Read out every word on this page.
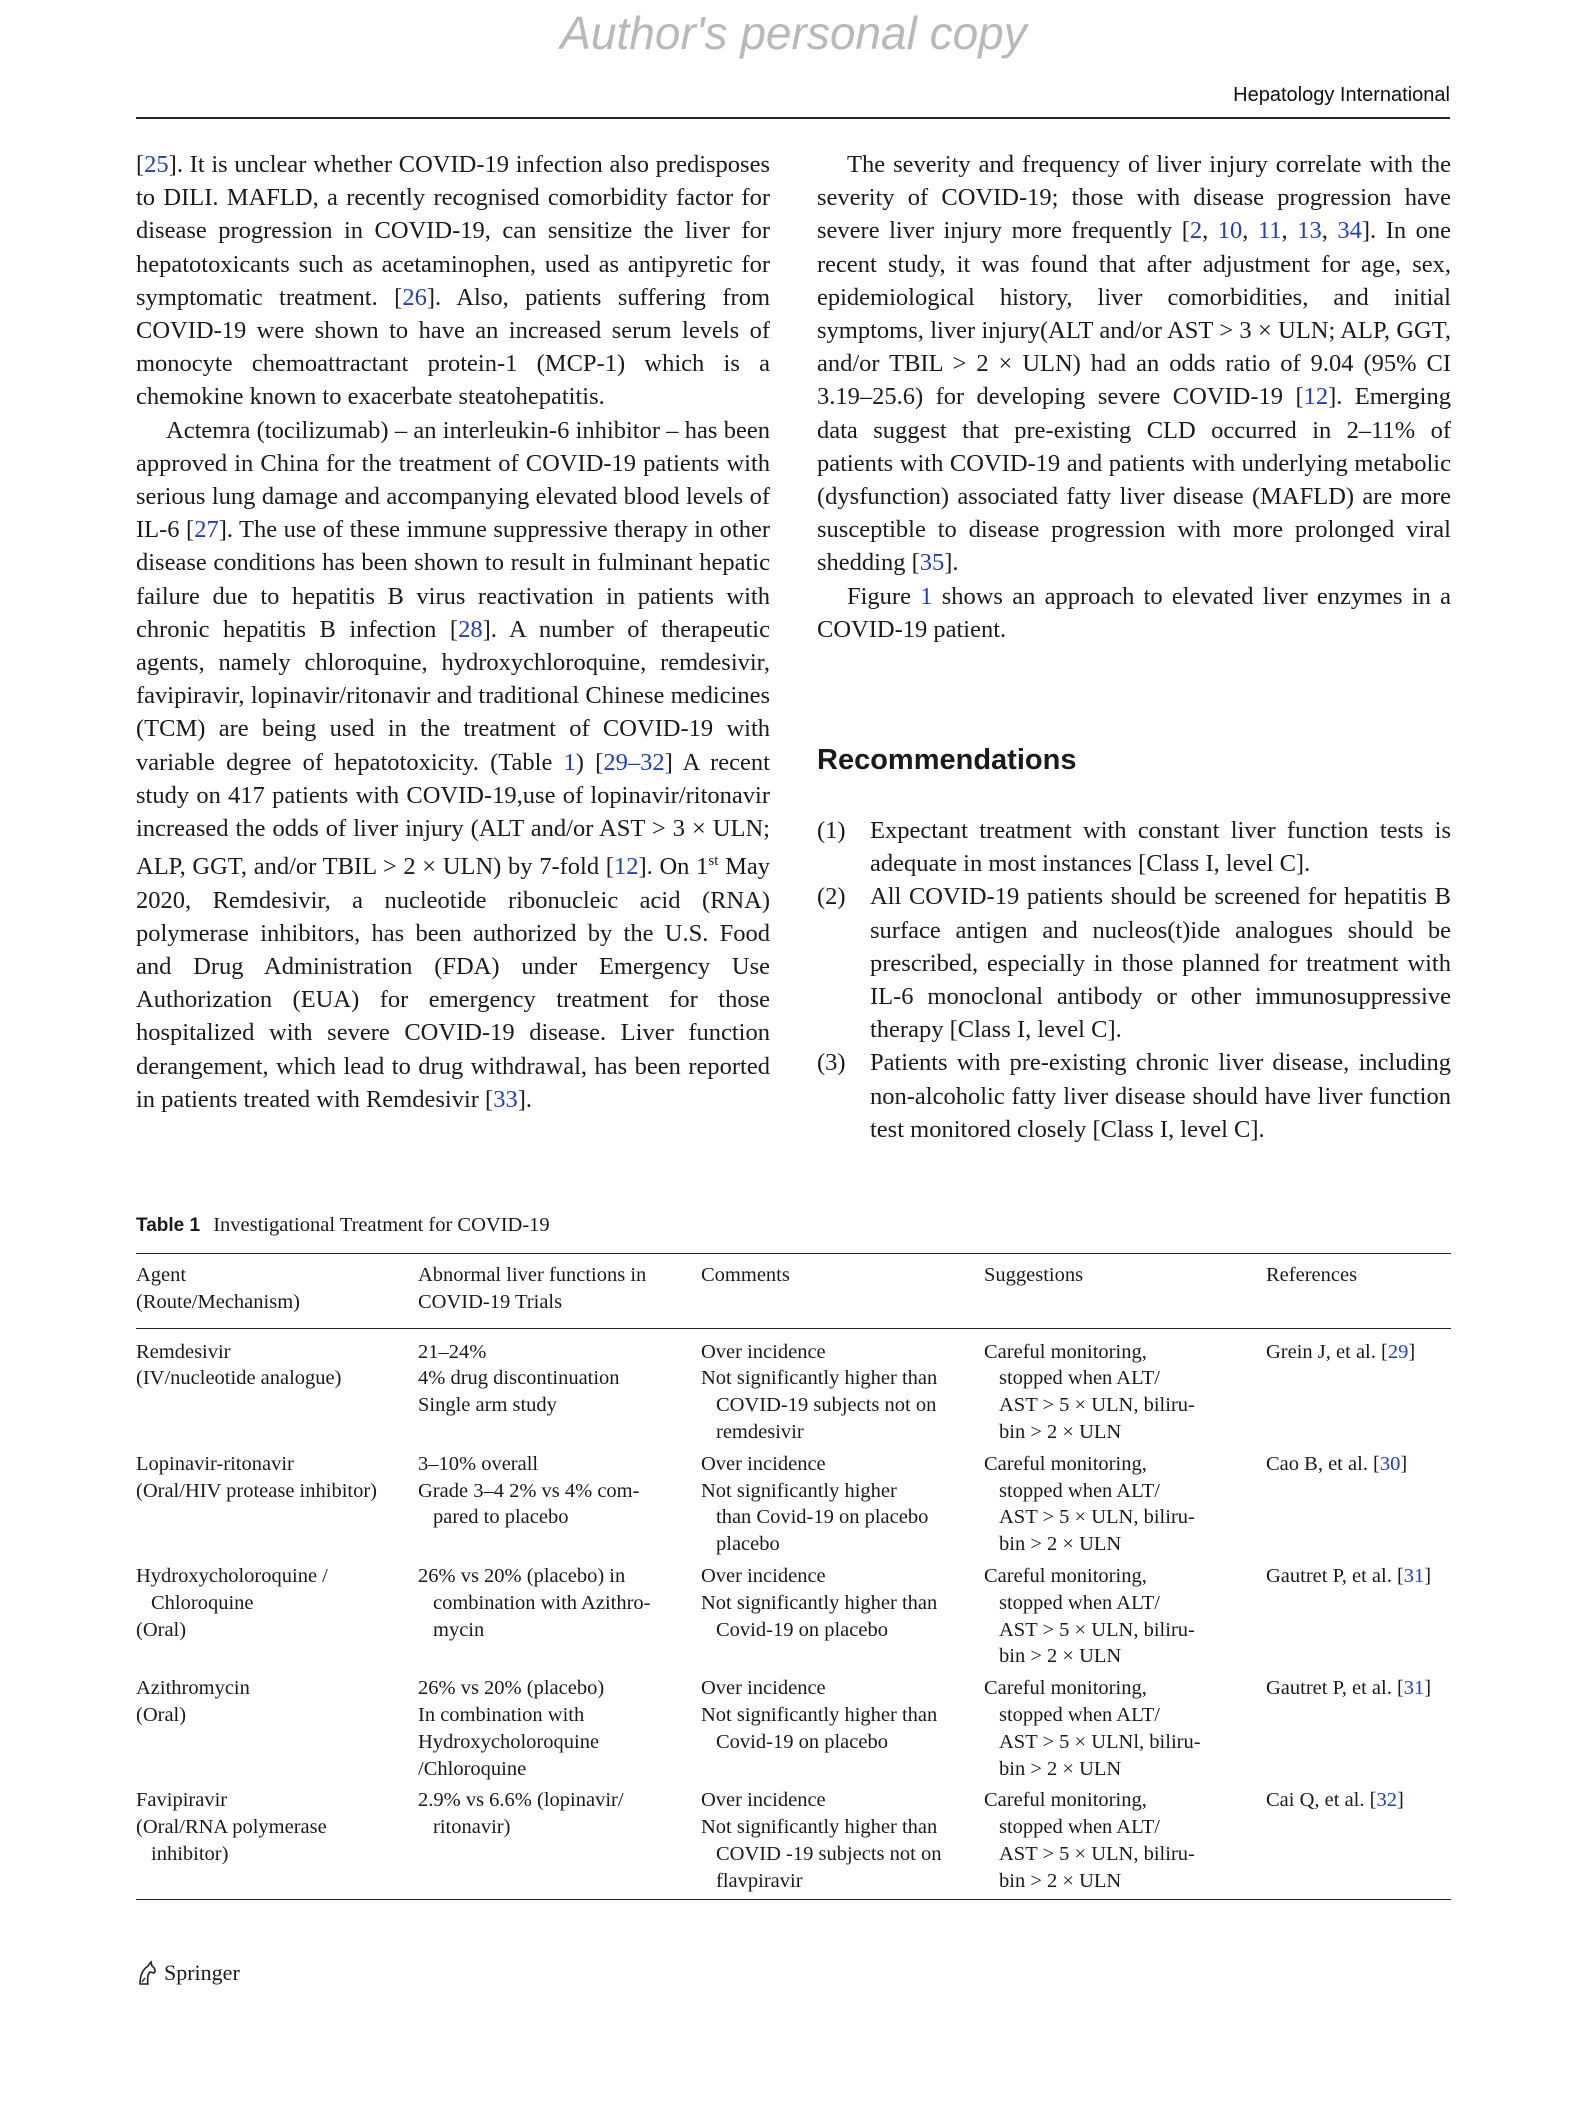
Author's personal copy
Hepatology International

[25]. It is unclear whether COVID-19 infection also predisposes to DILI. MAFLD, a recently recognised comorbidity factor for disease progression in COVID-19, can sensitize the liver for hepatotoxicants such as acetaminophen, used as antipyretic for symptomatic treatment. [26]. Also, patients suffering from COVID-19 were shown to have an increased serum levels of monocyte chemoattractant protein-1 (MCP-1) which is a chemokine known to exacerbate steatohepatitis.

Actemra (tocilizumab) – an interleukin-6 inhibitor – has been approved in China for the treatment of COVID-19 patients with serious lung damage and accompanying elevated blood levels of IL-6 [27]. The use of these immune suppressive therapy in other disease conditions has been shown to result in fulminant hepatic failure due to hepatitis B virus reactivation in patients with chronic hepatitis B infection [28]. A number of therapeutic agents, namely chloroquine, hydroxychloroquine, remdesivir, favipiravir, lopinavir/ritonavir and traditional Chinese medicines (TCM) are being used in the treatment of COVID-19 with variable degree of hepatotoxicity. (Table 1) [29–32] A recent study on 417 patients with COVID-19,use of lopinavir/ritonavir increased the odds of liver injury (ALT and/or AST > 3 × ULN; ALP, GGT, and/or TBIL > 2 × ULN) by 7-fold [12]. On 1st May 2020, Remdesivir, a nucleotide ribonucleic acid (RNA) polymerase inhibitors, has been authorized by the U.S. Food and Drug Administration (FDA) under Emergency Use Authorization (EUA) for emergency treatment for those hospitalized with severe COVID-19 disease. Liver function derangement, which lead to drug withdrawal, has been reported in patients treated with Remdesivir [33].

The severity and frequency of liver injury correlate with the severity of COVID-19; those with disease progression have severe liver injury more frequently [2, 10, 11, 13, 34]. In one recent study, it was found that after adjustment for age, sex, epidemiological history, liver comorbidities, and initial symptoms, liver injury(ALT and/or AST > 3 × ULN; ALP, GGT, and/or TBIL > 2 × ULN) had an odds ratio of 9.04 (95% CI 3.19–25.6) for developing severe COVID-19 [12]. Emerging data suggest that pre-existing CLD occurred in 2–11% of patients with COVID-19 and patients with underlying metabolic (dysfunction) associated fatty liver disease (MAFLD) are more susceptible to disease progression with more prolonged viral shedding [35].

Figure 1 shows an approach to elevated liver enzymes in a COVID-19 patient.

Recommendations
(1) Expectant treatment with constant liver function tests is adequate in most instances [Class I, level C].
(2) All COVID-19 patients should be screened for hepatitis B surface antigen and nucleos(t)ide analogues should be prescribed, especially in those planned for treatment with IL-6 monoclonal antibody or other immunosuppressive therapy [Class I, level C].
(3) Patients with pre-existing chronic liver disease, including non-alcoholic fatty liver disease should have liver function test monitored closely [Class I, level C].
Table 1 Investigational Treatment for COVID-19
Agent
(Route/Mechanism)	Abnormal liver functions in
COVID-19 Trials	Comments	Suggestions	References

Remdesivir
(IV/nucleotide analogue)	21–24%
4% drug discontinuation
Single arm study	Over incidence
Not significantly higher than
COVID-19 subjects not on
remdesivir	Careful monitoring,
stopped when ALT/
AST > 5 × ULN, biliru-
bin > 2 × ULN	Grein J, et al. [29]

Lopinavir-ritonavir
(Oral/HIV protease inhibitor)	3–10% overall
Grade 3–4 2% vs 4% com-
pared to placebo	Over incidence
Not significantly higher
than Covid-19 on placebo
placebo	Careful monitoring,
stopped when ALT/
AST > 5 × ULN, biliru-
bin > 2 × ULN	Cao B, et al. [30]

Hydroxycholoroquine /
Chloroquine
(Oral)	26% vs 20% (placebo) in
combination with Azithro-
mycin	Over incidence
Not significantly higher than
Covid-19 on placebo	Careful monitoring,
stopped when ALT/
AST > 5 × ULN, biliru-
bin > 2 × ULN	Gautret P, et al. [31]

Azithromycin
(Oral)	26% vs 20% (placebo)
In combination with
Hydroxycholoroquine
/Chloroquine	Over incidence
Not significantly higher than
Covid-19 on placebo	Careful monitoring,
stopped when ALT/
AST > 5 × ULNl, biliru-
bin > 2 × ULN	Gautret P, et al. [31]

Favipiravir
(Oral/RNA polymerase
inhibitor)	2.9% vs 6.6% (lopinavir/
ritonavir)	Over incidence
Not significantly higher than
COVID -19 subjects not on
flavpiravir	Careful monitoring,
stopped when ALT/
AST > 5 × ULN, biliru-
bin > 2 × ULN	Cai Q, et al. [32]
Springer
